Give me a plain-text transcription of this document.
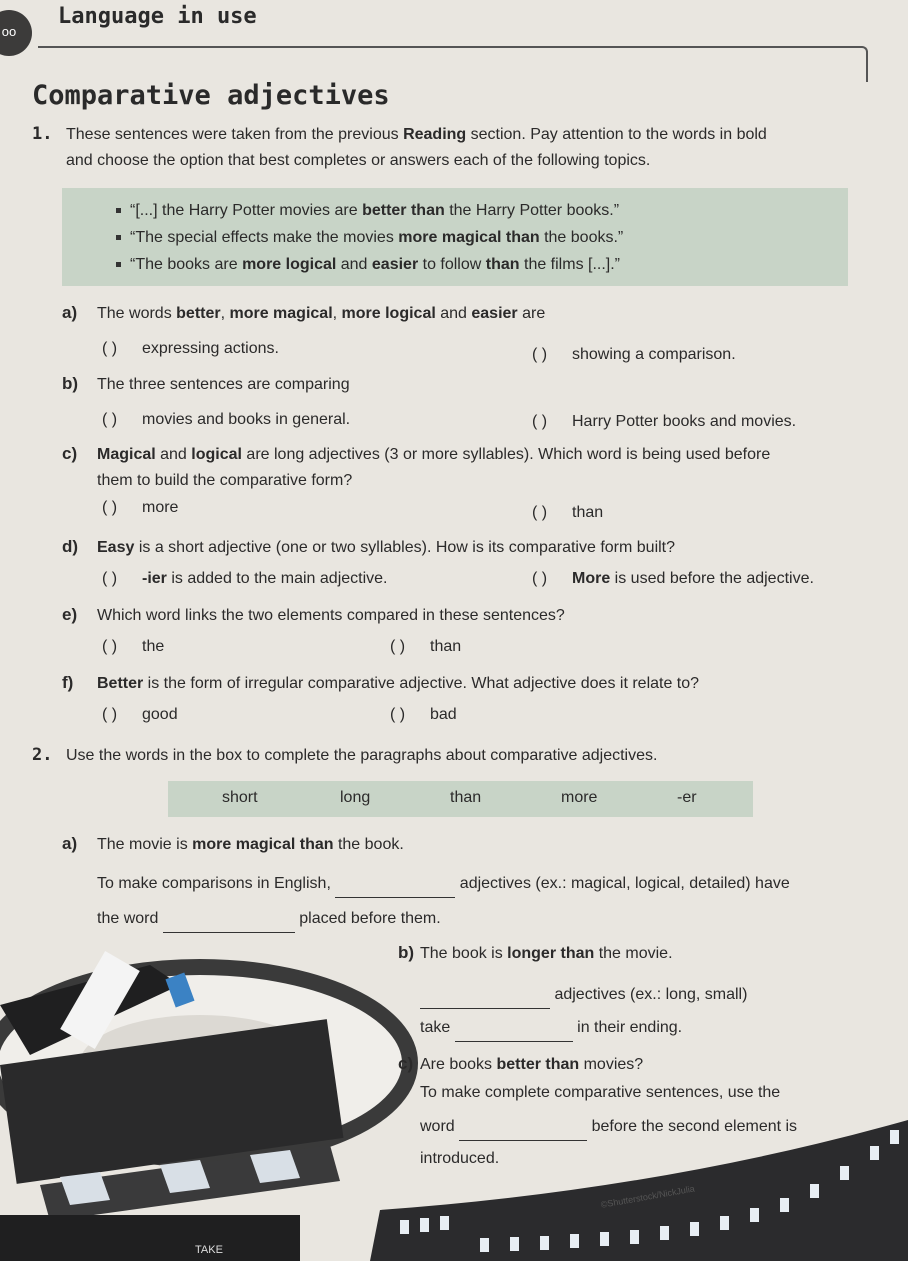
oo
Language in use
Comparative adjectives
1. These sentences were taken from the previous Reading section. Pay attention to the words in bold
and choose the option that best completes or answers each of the following topics.
“[...] the Harry Potter movies are better than the Harry Potter books.”
“The special effects make the movies more magical than the books.”
“The books are more logical and easier to follow than the films [...].”
a) The words better, more magical, more logical and easier are
( ) expressing actions.	( ) showing a comparison.
b) The three sentences are comparing
( ) movies and books in general.	( ) Harry Potter books and movies.
c) Magical and logical are long adjectives (3 or more syllables). Which word is being used before
them to build the comparative form?
( ) more	( ) than
d) Easy is a short adjective (one or two syllables). How is its comparative form built?
( ) -ier is added to the main adjective.	( ) More is used before the adjective.
e) Which word links the two elements compared in these sentences?
( ) the	( ) than
f) Better is the form of irregular comparative adjective. What adjective does it relate to?
( ) good	( ) bad
2. Use the words in the box to complete the paragraphs about comparative adjectives.
short	long	than	more	-er
a) The movie is more magical than the book.
To make comparisons in English,	adjectives (ex.: magical, logical, detailed) have
the word	placed before them.
TAKE
b) The book is longer than the movie.
adjectives (ex.: long, small)
take	in their ending.
c) Are books better than movies?
To make complete comparative sentences, use the
word	before the second element is
introduced.
©Shutterstock/NickJulia
